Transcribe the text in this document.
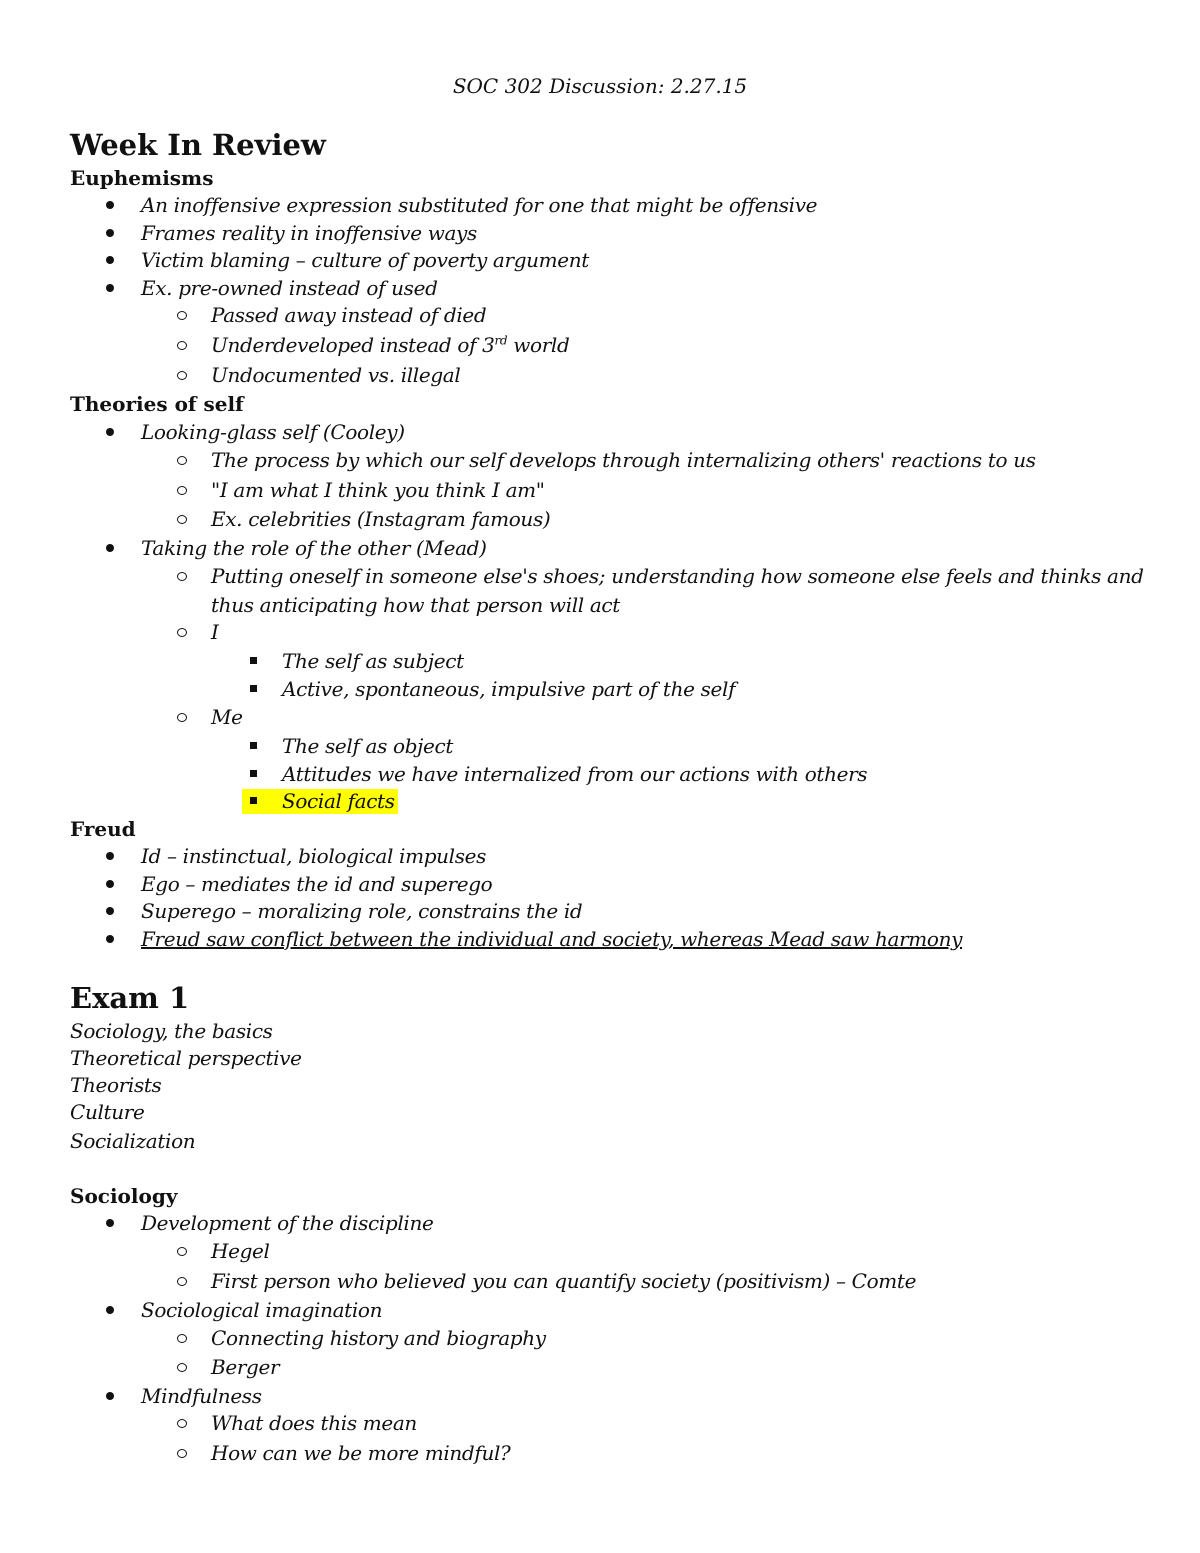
SOC 302 Discussion: 2.27.15
Week In Review
Euphemisms
An inoffensive expression substituted for one that might be offensive
Frames reality in inoffensive ways
Victim blaming – culture of poverty argument
Ex. pre-owned instead of used
Passed away instead of died
Underdeveloped instead of 3rd world
Undocumented vs. illegal
Theories of self
Looking-glass self (Cooley)
The process by which our self develops through internalizing others' reactions to us
"I am what I think you think I am"
Ex. celebrities (Instagram famous)
Taking the role of the other (Mead)
Putting oneself in someone else's shoes; understanding how someone else feels and thinks and
thus anticipating how that person will act
I
The self as subject
Active, spontaneous, impulsive part of the self
Me
The self as object
Attitudes we have internalized from our actions with others
Social facts
Freud
Id – instinctual, biological impulses
Ego – mediates the id and superego
Superego – moralizing role, constrains the id
Freud saw conflict between the individual and society, whereas Mead saw harmony
Exam 1
Sociology, the basics
Theoretical perspective
Theorists
Culture
Socialization
Sociology
Development of the discipline
Hegel
First person who believed you can quantify society (positivism) – Comte
Sociological imagination
Connecting history and biography
Berger
Mindfulness
What does this mean
How can we be more mindful?
